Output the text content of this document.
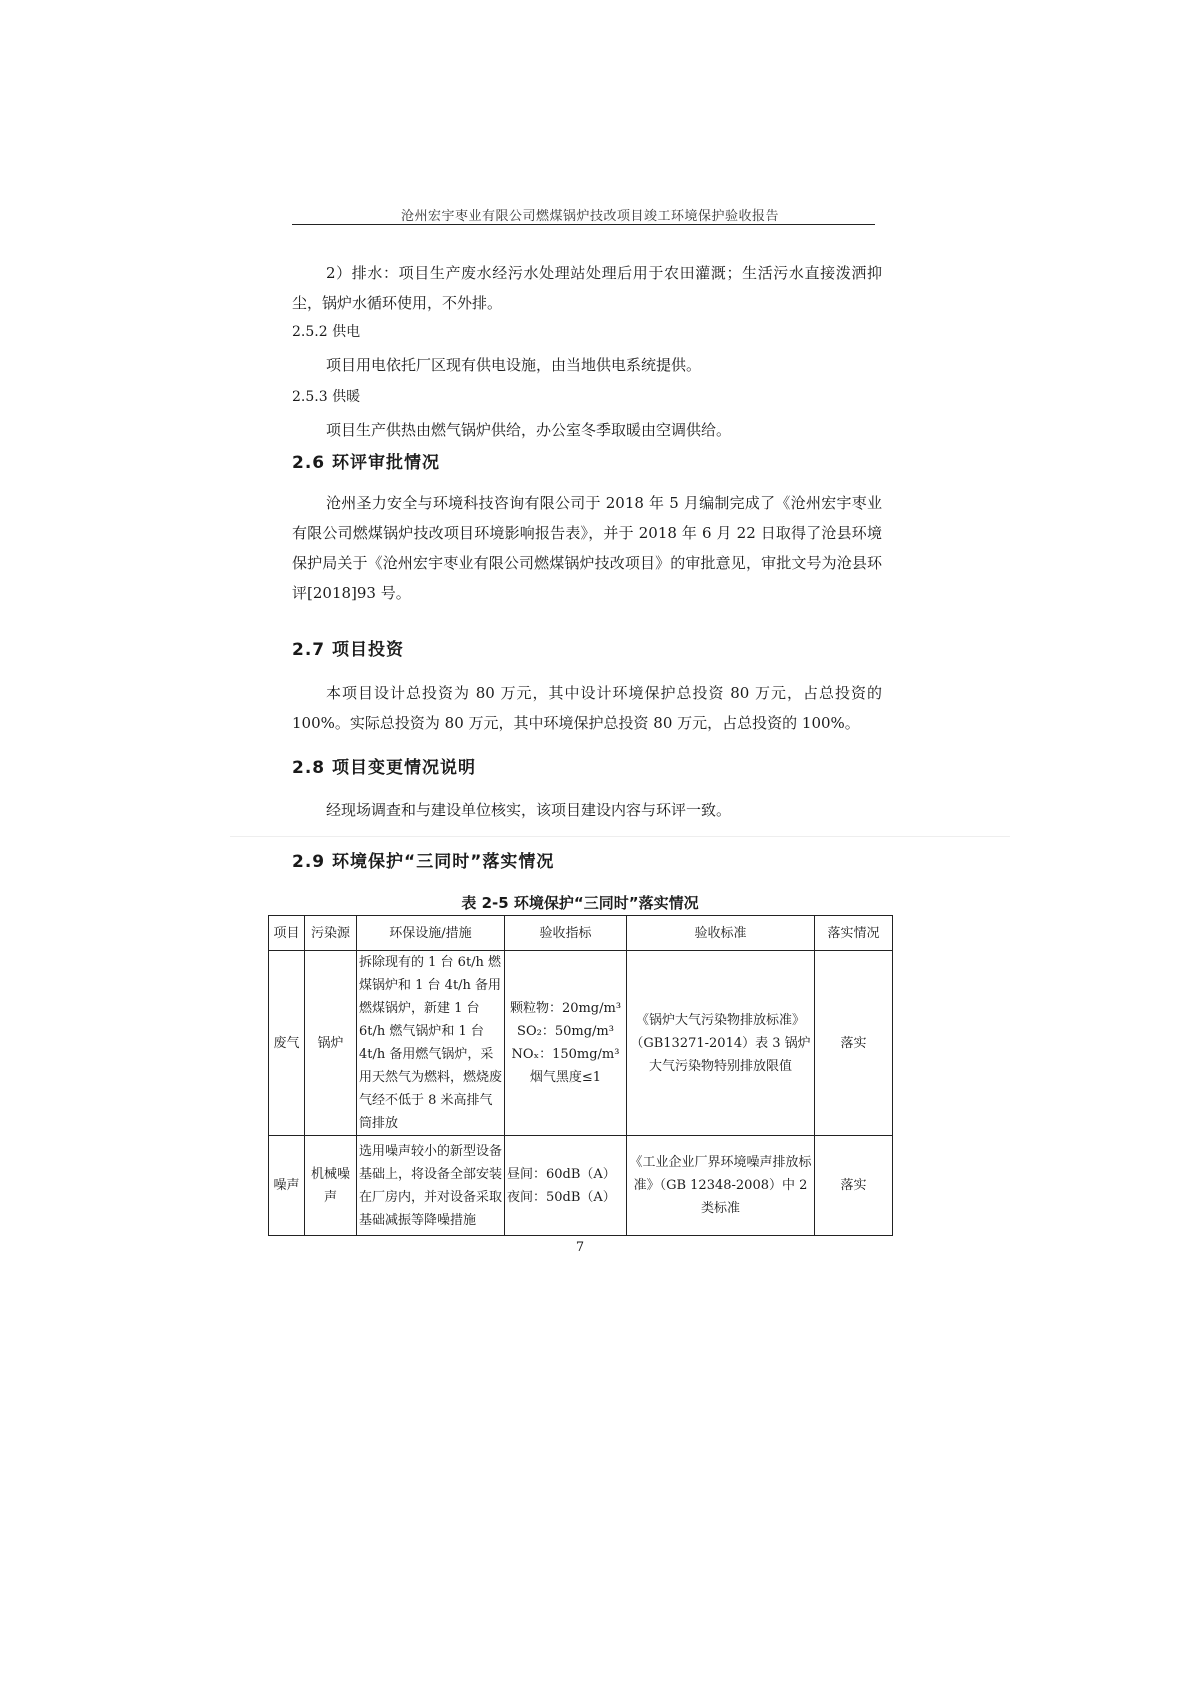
沧州宏宇枣业有限公司燃煤锅炉技改项目竣工环境保护验收报告
2）排水：项目生产废水经污水处理站处理后用于农田灌溉；生活污水直接泼洒抑尘，锅炉水循环使用，不外排。
2.5.2 供电
项目用电依托厂区现有供电设施，由当地供电系统提供。
2.5.3 供暖
项目生产供热由燃气锅炉供给，办公室冬季取暖由空调供给。
2.6 环评审批情况
沧州圣力安全与环境科技咨询有限公司于 2018 年 5 月编制完成了《沧州宏宇枣业有限公司燃煤锅炉技改项目环境影响报告表》，并于 2018 年 6 月 22 日取得了沧县环境保护局关于《沧州宏宇枣业有限公司燃煤锅炉技改项目》的审批意见，审批文号为沧县环评[2018]93 号。
2.7 项目投资
本项目设计总投资为 80 万元，其中设计环境保护总投资 80 万元，占总投资的 100%。实际总投资为 80 万元，其中环境保护总投资 80 万元，占总投资的 100%。
2.8 项目变更情况说明
经现场调查和与建设单位核实，该项目建设内容与环评一致。
2.9 环境保护“三同时”落实情况
表 2-5 环境保护“三同时”落实情况
项目	污染源	环保设施/措施	验收指标	验收标准	落实情况
废气	锅炉	拆除现有的 1 台 6t/h 燃煤锅炉和 1 台 4t/h 备用燃煤锅炉，新建 1 台 6t/h 燃气锅炉和 1 台 4t/h 备用燃气锅炉，采用天然气为燃料，燃烧废气经不低于 8 米高排气筒排放	颗粒物：20mg/m³
SO₂：50mg/m³
NOₓ：150mg/m³
烟气黑度≤1	《锅炉大气污染物排放标准》（GB13271-2014）表 3 锅炉大气污染物特别排放限值	落实
噪声	机械噪声	选用噪声较小的新型设备基础上，将设备全部安装在厂房内，并对设备采取基础减振等降噪措施	昼间：60dB（A）
夜间：50dB（A）	《工业企业厂界环境噪声排放标准》（GB 12348-2008）中 2 类标准	落实
7
